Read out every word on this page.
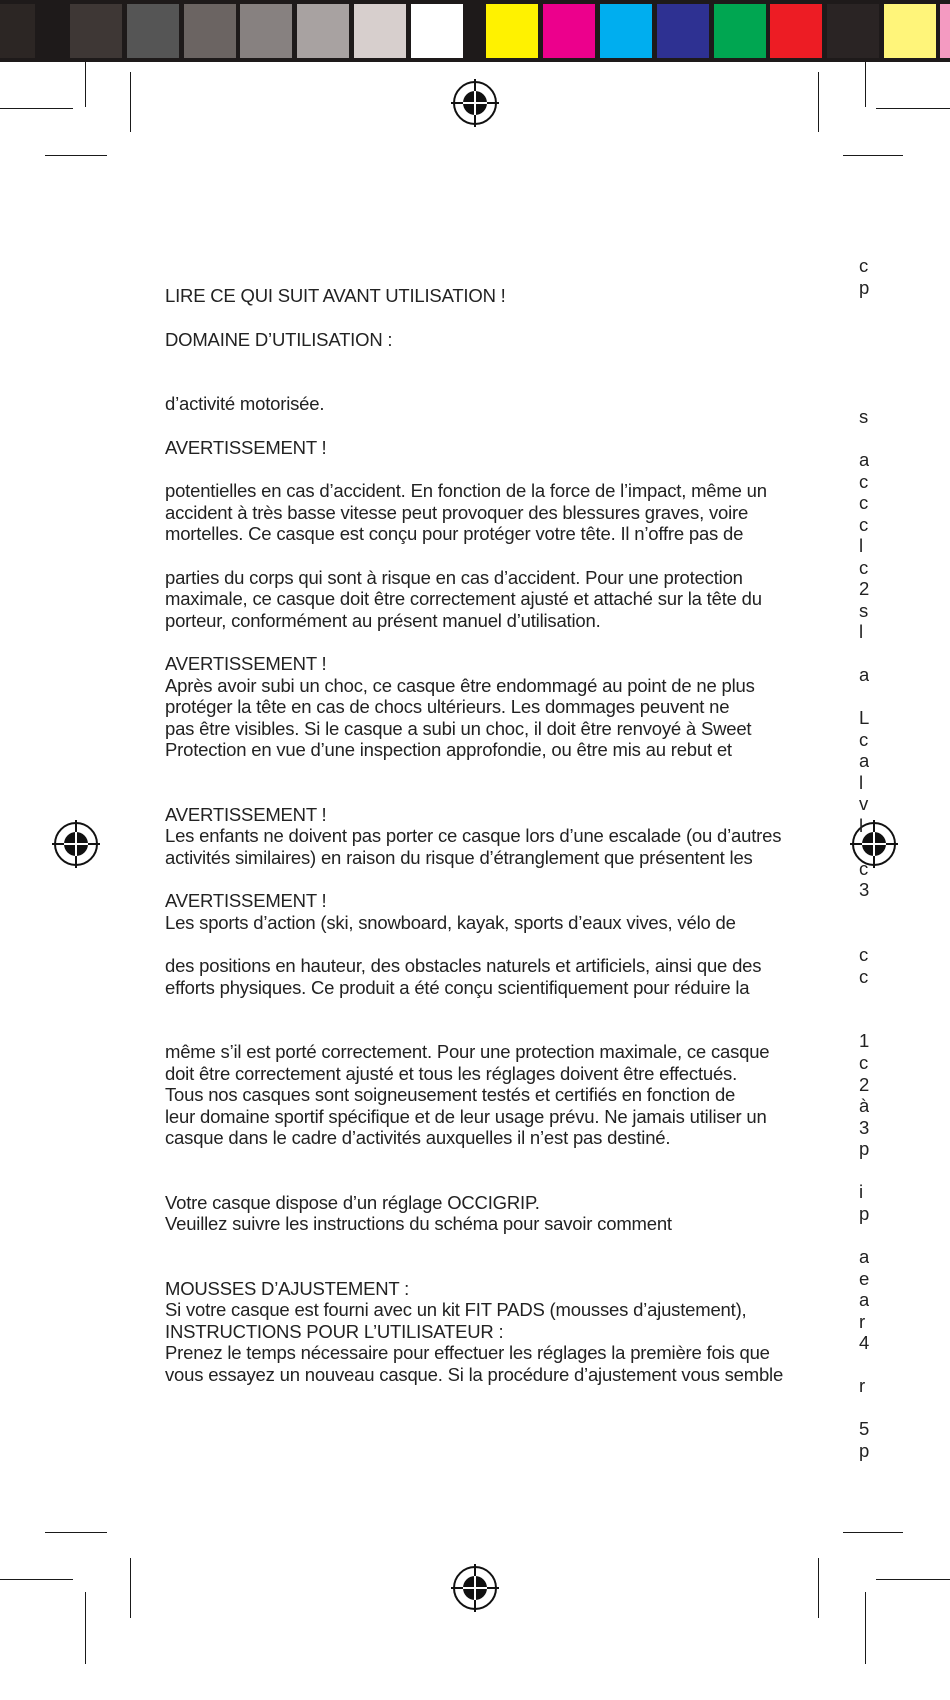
LIRE CE QUI SUIT AVANT UTILISATION !

DOMAINE D’UTILISATION :

d’activité motorisée.

AVERTISSEMENT !

potentielles en cas d’accident. En fonction de la force de l’impact, même un

accident à très basse vitesse peut provoquer des blessures graves, voire

mortelles. Ce casque est conçu pour protéger votre tête. Il n’offre pas de

parties du corps qui sont à risque en cas d’accident. Pour une protection

maximale, ce casque doit être correctement ajusté et attaché sur la tête du

porteur, conformément au présent manuel d’utilisation.

AVERTISSEMENT !

Après avoir subi un choc, ce casque être endommagé au point de ne plus

protéger la tête en cas de chocs ultérieurs. Les dommages peuvent ne

pas être visibles. Si le casque a subi un choc, il doit être renvoyé à Sweet

Protection en vue d’une inspection approfondie, ou être mis au rebut et

AVERTISSEMENT !

Les enfants ne doivent pas porter ce casque lors d’une escalade (ou d’autres

activités similaires) en raison du risque d’étranglement que présentent les

AVERTISSEMENT !

Les sports d’action (ski, snowboard, kayak, sports d’eaux vives, vélo de

des positions en hauteur, des obstacles naturels et artificiels, ainsi que des

efforts physiques. Ce produit a été conçu scientifiquement pour réduire la

même s’il est porté correctement. Pour une protection maximale, ce casque

doit être correctement ajusté et tous les réglages doivent être effectués.

Tous nos casques sont soigneusement testés et certifiés en fonction de

leur domaine sportif spécifique et de leur usage prévu. Ne jamais utiliser un

casque dans le cadre d’activités auxquelles il n’est pas destiné.

Votre casque dispose d’un réglage OCCIGRIP.

Veuillez suivre les instructions du schéma pour savoir comment

MOUSSES D’AJUSTEMENT :

Si votre casque est fourni avec un kit FIT PADS (mousses d’ajustement),

INSTRUCTIONS POUR L’UTILISATEUR :

Prenez le temps nécessaire pour effectuer les réglages la première fois que

vous essayez un nouveau casque. Si la procédure d’ajustement vous semble

c
p
s
a
c
c
c
l
c
2
s
l
a
L
c
a
l
v
l
c
3
c
c
1
c
2
à
3
p
i
p
a
e
a
r
4
r
5
p
